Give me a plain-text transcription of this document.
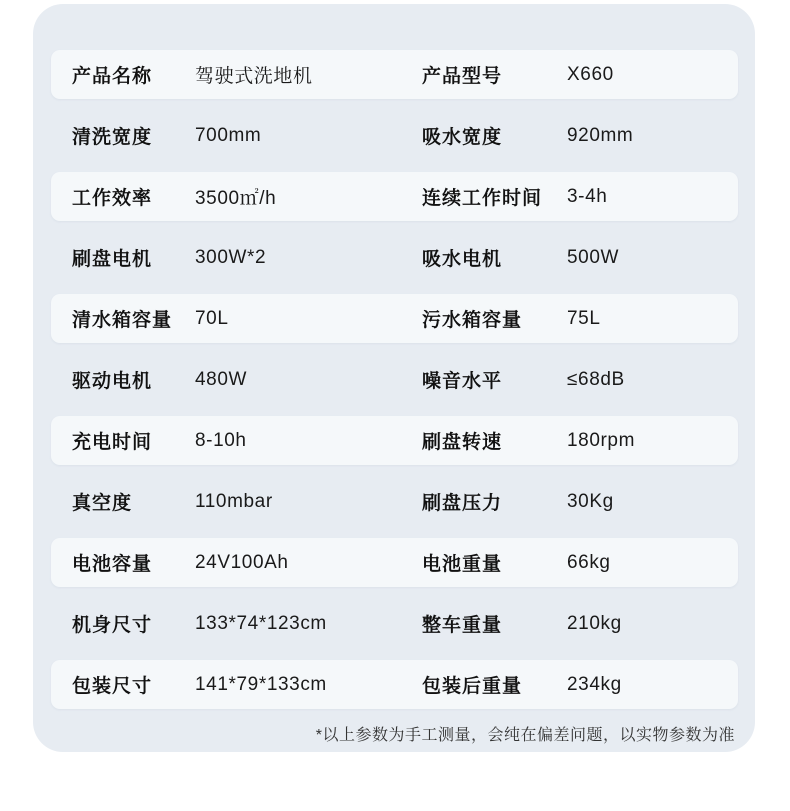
产品名称	驾驶式洗地机	产品型号	X660
清洗宽度	700mm	吸水宽度	920mm
工作效率	3500㎡/h	连续工作时间	3-4h
刷盘电机	300W*2	吸水电机	500W
清水箱容量	70L	污水箱容量	75L
驱动电机	480W	噪音水平	≤68dB
充电时间	8-10h	刷盘转速	180rpm
真空度	110mbar	刷盘压力	30Kg
电池容量	24V100Ah	电池重量	66kg
机身尺寸	133*74*123cm	整车重量	210kg
包装尺寸	141*79*133cm	包装后重量	234kg
*以上参数为手工测量，会纯在偏差问题，以实物参数为准
